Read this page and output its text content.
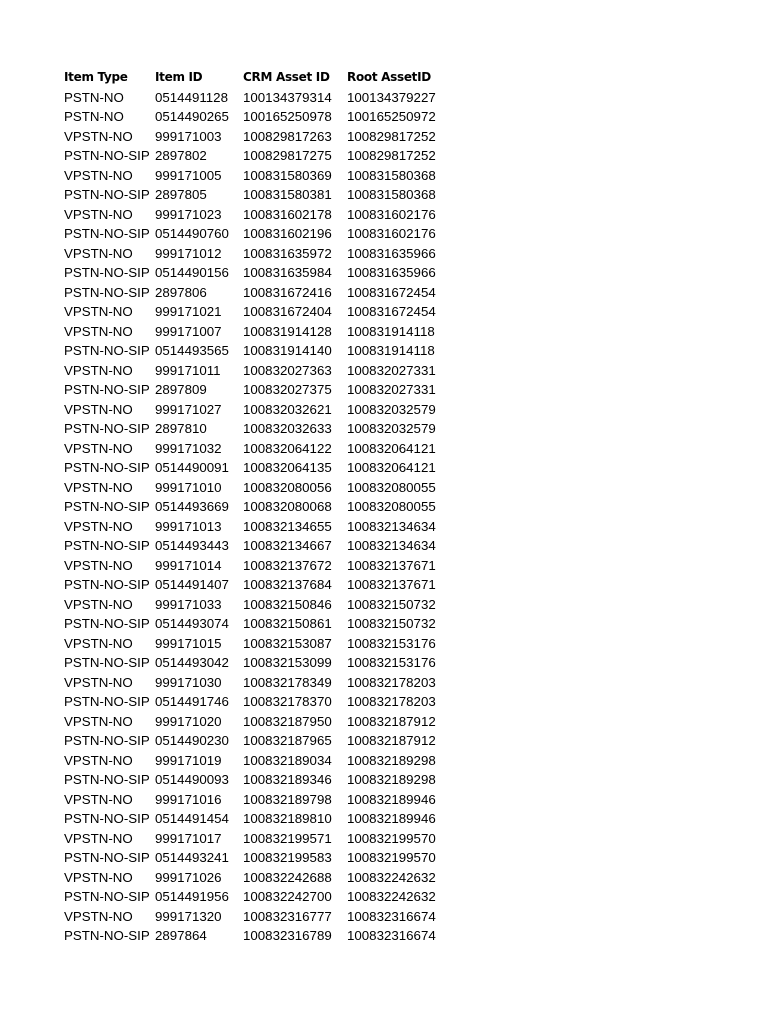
Item Type	Item ID	CRM Asset ID	Root AssetID
PSTN-NO	0514491128	100134379314	100134379227
PSTN-NO	0514490265	100165250978	100165250972
VPSTN-NO	999171003	100829817263	100829817252
PSTN-NO-SIP	2897802	100829817275	100829817252
VPSTN-NO	999171005	100831580369	100831580368
PSTN-NO-SIP	2897805	100831580381	100831580368
VPSTN-NO	999171023	100831602178	100831602176
PSTN-NO-SIP	0514490760	100831602196	100831602176
VPSTN-NO	999171012	100831635972	100831635966
PSTN-NO-SIP	0514490156	100831635984	100831635966
PSTN-NO-SIP	2897806	100831672416	100831672454
VPSTN-NO	999171021	100831672404	100831672454
VPSTN-NO	999171007	100831914128	100831914118
PSTN-NO-SIP	0514493565	100831914140	100831914118
VPSTN-NO	999171011	100832027363	100832027331
PSTN-NO-SIP	2897809	100832027375	100832027331
VPSTN-NO	999171027	100832032621	100832032579
PSTN-NO-SIP	2897810	100832032633	100832032579
VPSTN-NO	999171032	100832064122	100832064121
PSTN-NO-SIP	0514490091	100832064135	100832064121
VPSTN-NO	999171010	100832080056	100832080055
PSTN-NO-SIP	0514493669	100832080068	100832080055
VPSTN-NO	999171013	100832134655	100832134634
PSTN-NO-SIP	0514493443	100832134667	100832134634
VPSTN-NO	999171014	100832137672	100832137671
PSTN-NO-SIP	0514491407	100832137684	100832137671
VPSTN-NO	999171033	100832150846	100832150732
PSTN-NO-SIP	0514493074	100832150861	100832150732
VPSTN-NO	999171015	100832153087	100832153176
PSTN-NO-SIP	0514493042	100832153099	100832153176
VPSTN-NO	999171030	100832178349	100832178203
PSTN-NO-SIP	0514491746	100832178370	100832178203
VPSTN-NO	999171020	100832187950	100832187912
PSTN-NO-SIP	0514490230	100832187965	100832187912
VPSTN-NO	999171019	100832189034	100832189298
PSTN-NO-SIP	0514490093	100832189346	100832189298
VPSTN-NO	999171016	100832189798	100832189946
PSTN-NO-SIP	0514491454	100832189810	100832189946
VPSTN-NO	999171017	100832199571	100832199570
PSTN-NO-SIP	0514493241	100832199583	100832199570
VPSTN-NO	999171026	100832242688	100832242632
PSTN-NO-SIP	0514491956	100832242700	100832242632
VPSTN-NO	999171320	100832316777	100832316674
PSTN-NO-SIP	2897864	100832316789	100832316674
